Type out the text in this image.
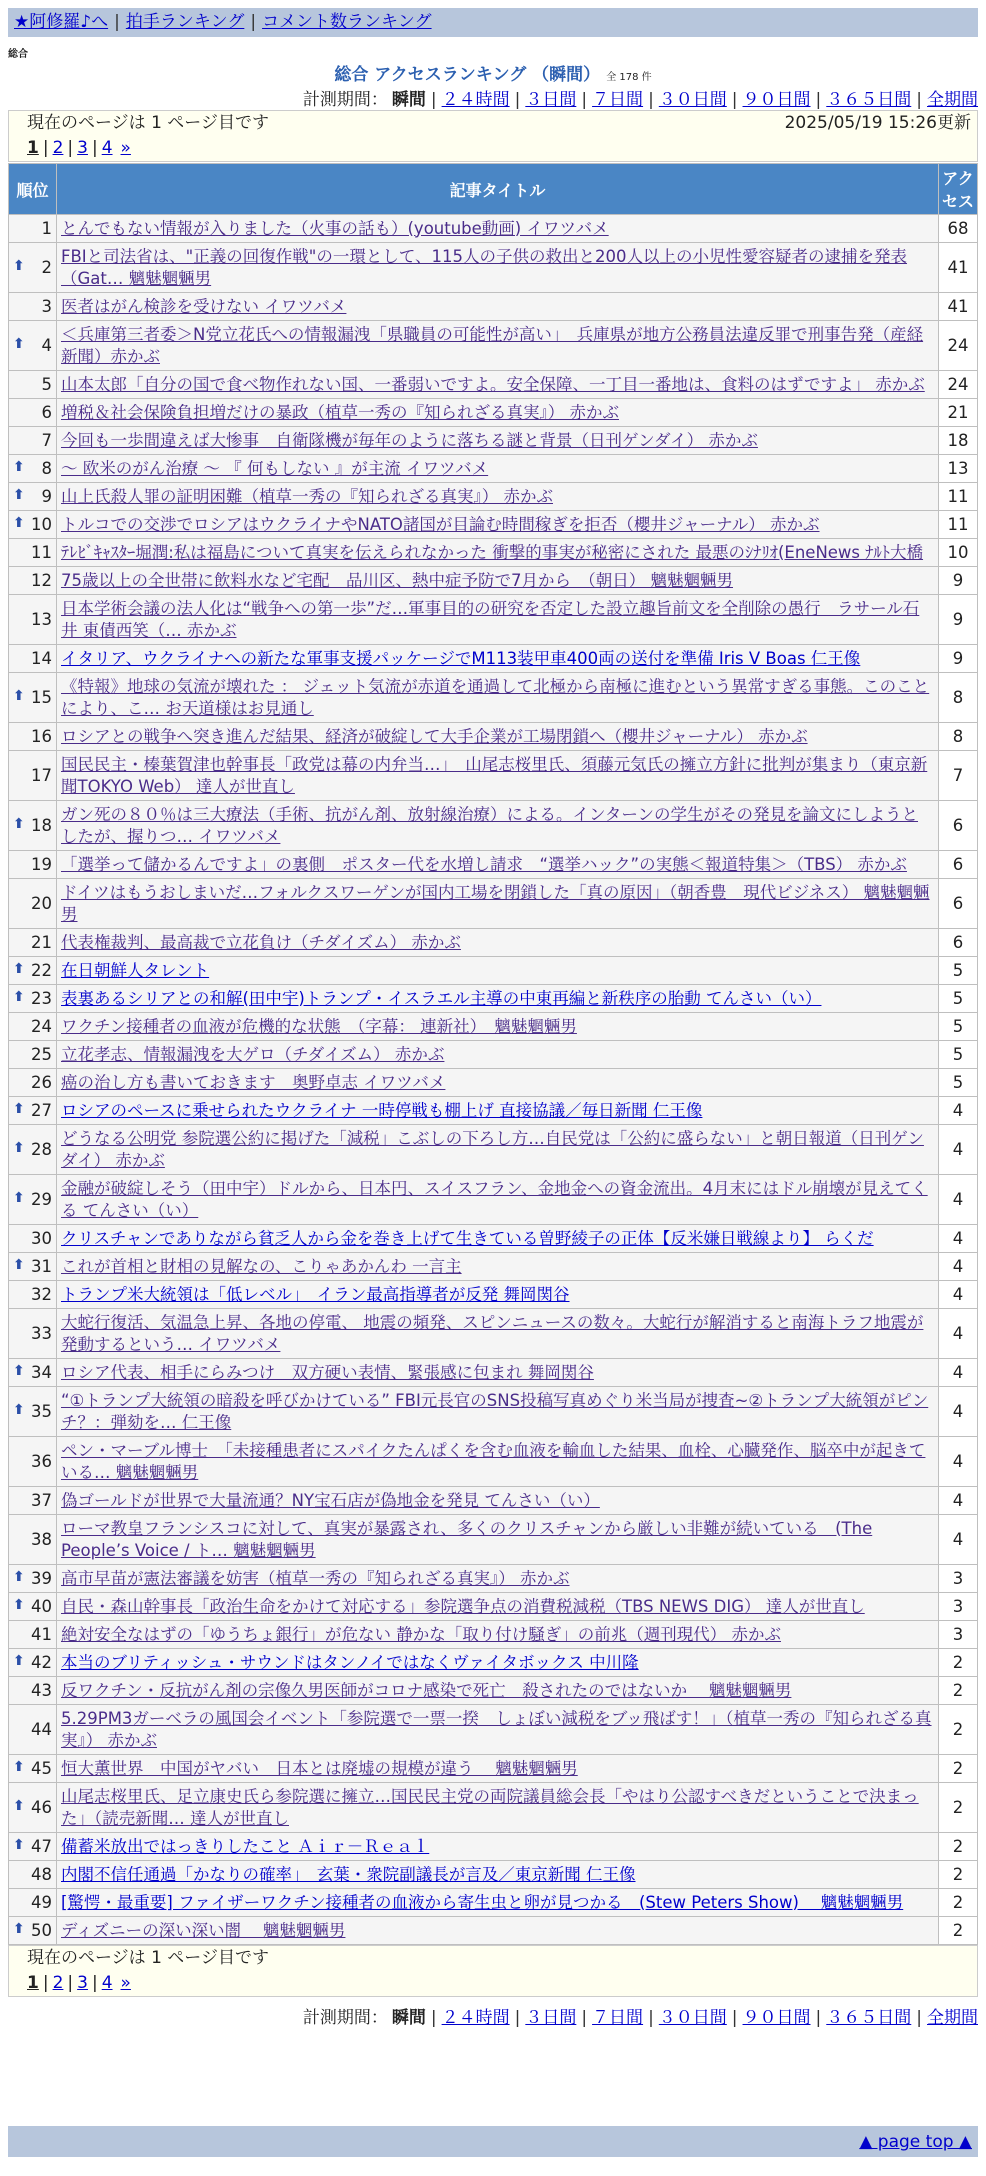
★阿修羅♪へ | 拍手ランキング | コメント数ランキング
総合
総合 アクセスランキング （瞬間） 全 178 件
計測期間： 瞬間 | ２４時間 | ３日間 | ７日間 | ３０日間 | ９０日間 | ３６５日間 | 全期間
現在のページは 1 ページ目です	2025/05/19 15:26更新
1 | 2 | 3 | 4 »
順位	記事タイトル	アクセス
1	とんでもない情報が入りました（火事の話も）(youtube動画) イワツバメ	68

⬆ 2	FBIと司法省は、"正義の回復作戦"の一環として、115人の子供の救出と200人以上の小児性愛容疑者の逮捕を発表（Gat… 魑魅魍魎男	41
3	医者はがん検診を受けない イワツバメ	41

⬆ 4	＜兵庫第三者委＞N党立花氏への情報漏洩「県職員の可能性が高い」　兵庫県が地方公務員法違反罪で刑事告発（産経新聞）赤かぶ	24
5	山本太郎「自分の国で食べ物作れない国、一番弱いですよ。安全保障、一丁目一番地は、食料のはずですよ」 赤かぶ	24
6	増税＆社会保険負担増だけの暴政（植草一秀の『知られざる真実』） 赤かぶ	21
7	今回も一歩間違えば大惨事　自衛隊機が毎年のように落ちる謎と背景（日刊ゲンダイ） 赤かぶ	18

⬆ 8	～ 欧米のがん治療 ～ 『 何もしない 』が主流 イワツバメ	13

⬆ 9	山上氏殺人罪の証明困難（植草一秀の『知られざる真実』） 赤かぶ	11

⬆ 10	トルコでの交渉でロシアはウクライナやNATO諸国が目論む時間稼ぎを拒否（櫻井ジャーナル） 赤かぶ	11
11	ﾃﾚﾋﾞｷｬｽﾀｰ堀潤:私は福島について真実を伝えられなかった 衝撃的事実が秘密にされた 最悪のｼﾅﾘｵ(EneNews ﾅﾙﾄ大橋	10
12	75歳以上の全世帯に飲料水など宅配　品川区、熱中症予防で7月から　（朝日） 魑魅魍魎男	9
13	日本学術会議の法人化は“戦争への第一歩”だ…軍事目的の研究を否定した設立趣旨前文を全削除の愚行　ラサール石井 東債西笑（… 赤かぶ	9
14	イタリア、ウクライナへの新たな軍事支援パッケージでM113装甲車400両の送付を準備 Iris V Boas 仁王像	9

⬆ 15	《特報》地球の気流が壊れた ： ジェット気流が赤道を通過して北極から南極に進むという異常すぎる事態。このことにより、こ… お天道様はお見通し	8
16	ロシアとの戦争へ突き進んだ結果、経済が破綻して大手企業が工場閉鎖へ（櫻井ジャーナル） 赤かぶ	8
17	国民民主・榛葉賀津也幹事長「政党は幕の内弁当…」　山尾志桜里氏、須藤元気氏の擁立方針に批判が集まり（東京新聞TOKYO Web） 達人が世直し	7

⬆ 18	ガン死の８０％は三大療法（手術、抗がん剤、放射線治療）による。インターンの学生がその発見を論文にしようとしたが、握りつ… イワツバメ	6
19	「選挙って儲かるんですよ」の裏側　ポスター代を水増し請求　“選挙ハック”の実態＜報道特集＞（TBS） 赤かぶ	6
20	ドイツはもうおしまいだ…フォルクスワーゲンが国内工場を閉鎖した「真の原因」（朝香豊　現代ビジネス） 魑魅魍魎男	6
21	代表権裁判、最高裁で立花負け（チダイズム） 赤かぶ	6

⬆ 22	在日朝鮮人タレント	5

⬆ 23	表裏あるシリアとの和解(田中宇)トランプ・イスラエル主導の中東再編と新秩序の胎動 てんさい（い）	5
24	ワクチン接種者の血液が危機的な状態　（字幕： 連新社）　魑魅魍魎男	5
25	立花孝志、情報漏洩を大ゲロ（チダイズム） 赤かぶ	5
26	癌の治し方も書いておきます　奥野卓志 イワツバメ	5

⬆ 27	ロシアのペースに乗せられたウクライナ 一時停戦も棚上げ 直接協議／毎日新聞 仁王像	4

⬆ 28	どうなる公明党 参院選公約に掲げた「減税」こぶしの下ろし方…自民党は「公約に盛らない」と朝日報道（日刊ゲンダイ） 赤かぶ	4

⬆ 29	金融が破綻しそう（田中宇）ドルから、日本円、スイスフラン、金地金への資金流出。4月末にはドル崩壊が見えてくる てんさい（い）	4
30	クリスチャンでありながら貧乏人から金を巻き上げて生きている曽野綾子の正体【反米嫌日戦線より】 らくだ	4

⬆ 31	これが首相と財相の見解なの、こりゃあかんわ 一言主	4
32	トランプ米大統領は「低レベル」　イラン最高指導者が反発 舞岡関谷	4
33	大蛇行復活、気温急上昇、各地の停電、 地震の頻発、スピンニュースの数々。大蛇行が解消すると南海トラフ地震が発動するという… イワツバメ	4

⬆ 34	ロシア代表、相手にらみつけ　双方硬い表情、緊張感に包まれ 舞岡関谷	4

⬆ 35	“①トランプ大統領の暗殺を呼びかけている” FBI元長官のSNS投稿写真めぐり米当局が捜査~②トランプ大統領がピンチ？：弾劾を… 仁王像	4
36	ペン・マーブル博士　「未接種患者にスパイクたんぱくを含む血液を輸血した結果、血栓、心臓発作、脳卒中が起きている… 魑魅魍魎男	4
37	偽ゴールドが世界で大量流通？NY宝石店が偽地金を発見 てんさい（い）	4
38	ローマ教皇フランシスコに対して、真実が暴露され、多くのクリスチャンから厳しい非難が続いている　(The People’s Voice / ト… 魑魅魍魎男	4

⬆ 39	高市早苗が憲法審議を妨害（植草一秀の『知られざる真実』） 赤かぶ	3

⬆ 40	自民・森山幹事長「政治生命をかけて対応する」参院選争点の消費税減税（TBS NEWS DIG） 達人が世直し	3
41	絶対安全なはずの「ゆうちょ銀行」が危ない 静かな「取り付け騒ぎ」の前兆（週刊現代） 赤かぶ	3

⬆ 42	本当のブリティッシュ・サウンドはタンノイではなくヴァイタボックス 中川隆	2
43	反ワクチン・反抗がん剤の宗像久男医師がコロナ感染で死亡　殺されたのではないか　 魑魅魍魎男	2
44	5.29PM3ガーベラの風国会イベント「参院選で一票一揆　しょぼい減税をブッ飛ばす！」（植草一秀の『知られざる真実』） 赤かぶ	2

⬆ 45	恒大薫世界　中国がヤバい　日本とは廃墟の規模が違う　 魑魅魍魎男	2

⬆ 46	山尾志桜里氏、足立康史氏ら参院選に擁立…国民民主党の両院議員総会長「やはり公認すべきだということで決まった」（読売新聞… 達人が世直し	2

⬆ 47	備蓄米放出ではっきりしたこと Ａｉｒ－Ｒｅａｌ	2
48	内閣不信任通過「かなりの確率」　玄葉・衆院副議長が言及／東京新聞 仁王像	2
49	[驚愕・最重要] ファイザーワクチン接種者の血液から寄生虫と卵が見つかる　(Stew Peters Show)　 魑魅魍魎男	2

⬆ 50	ディズニーの深い深い闇　 魑魅魍魎男	2
現在のページは 1 ページ目です
1 | 2 | 3 | 4 »
計測期間： 瞬間 | ２４時間 | ３日間 | ７日間 | ３０日間 | ９０日間 | ３６５日間 | 全期間
▲ page top ▲
